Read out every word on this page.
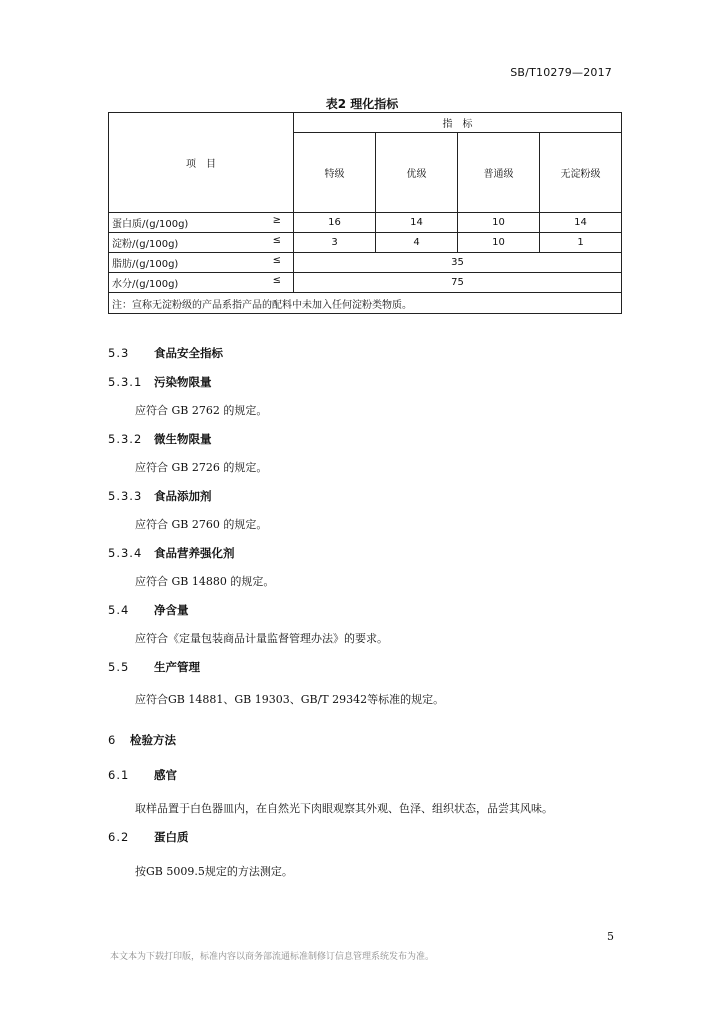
SB/T10279—2017
表2 理化指标
项　目	指　标			
	特级	优级	普通级	无淀粉级

蛋白质/(g/100g) ≥	16	14	10	14
淀粉/(g/100g) ≤	3	4	10	1
脂肪/(g/100g) ≤	35			
水分/(g/100g) ≤	75			
注：宣称无淀粉级的产品系指产品的配料中未加入任何淀粉类物质。				
5.3 食品安全指标
5.3.1 污染物限量
应符合 GB 2762 的规定。
5.3.2 微生物限量
应符合 GB 2726 的规定。
5.3.3 食品添加剂
应符合 GB 2760 的规定。
5.3.4 食品营养强化剂
应符合 GB 14880 的规定。
5.4 净含量
应符合《定量包装商品计量监督管理办法》的要求。
5.5 生产管理
应符合GB 14881、GB 19303、GB/T 29342等标准的规定。
6 检验方法
6.1 感官
取样品置于白色器皿内，在自然光下肉眼观察其外观、色泽、组织状态，品尝其风味。
6.2 蛋白质
按GB 5009.5规定的方法测定。
5
本文本为下载打印版，标准内容以商务部流通标准制修订信息管理系统发布为准。
